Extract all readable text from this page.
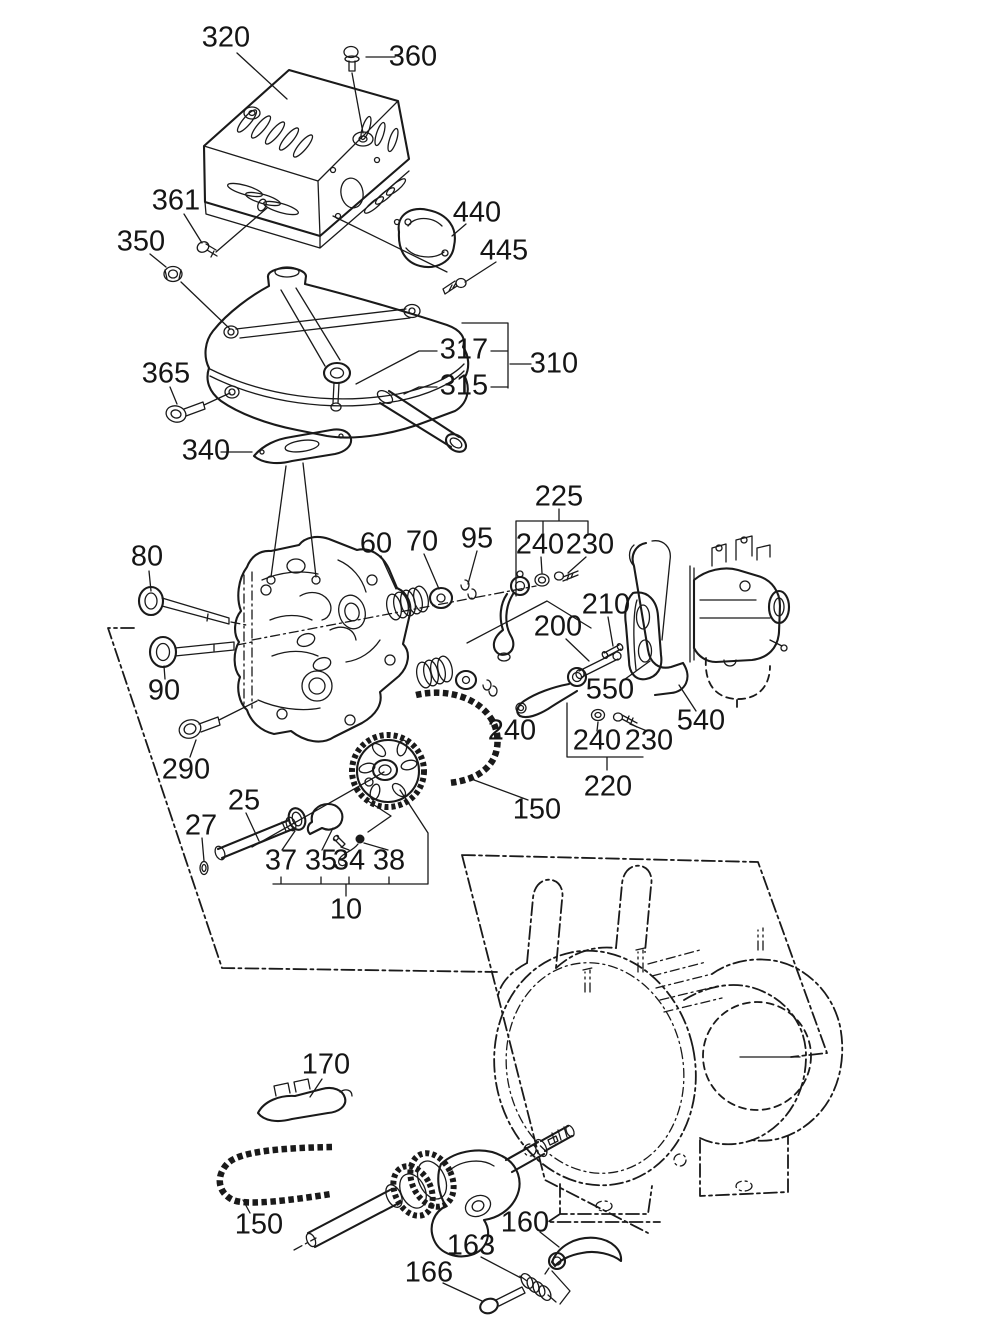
320
360
361
350
440
445
317 310
315
365
340
225
240 230
80	60 70 95
210
200
90	550
540
290
240 240 230
220
150
25
27
37 35
34 38
10
170
150	160
163
166
